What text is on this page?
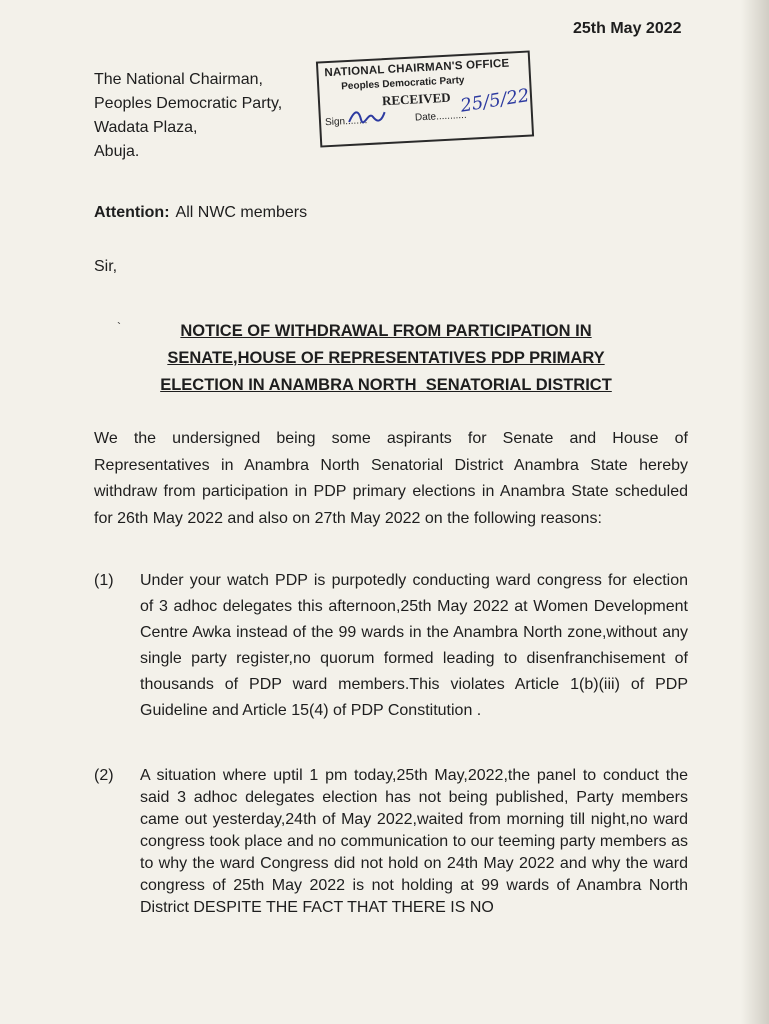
25th May 2022
The National Chairman,
Peoples Democratic Party,
Wadata Plaza,
Abuja.
NATIONAL CHAIRMAN'S OFFICE
Peoples Democratic Party
RECEIVED
Sign........	Date...........
25/5/22
Attention: All NWC members
Sir,
`	NOTICE OF WITHDRAWAL FROM PARTICIPATION IN
SENATE,HOUSE OF REPRESENTATIVES PDP PRIMARY
ELECTION IN ANAMBRA NORTH  SENATORIAL DISTRICT
We the undersigned being some aspirants for Senate and House of Representatives in Anambra North Senatorial District Anambra State hereby withdraw from participation in PDP primary elections in Anambra State scheduled for 26th May 2022 and also on 27th May 2022 on the following reasons:
(1) Under your watch PDP is purpotedly conducting ward congress for election of 3 adhoc delegates this afternoon,25th May 2022 at Women Development Centre Awka instead of the 99 wards in the Anambra North zone,without any single party register,no quorum formed leading to disenfranchisement of thousands of PDP ward members.This violates Article 1(b)(iii) of PDP Guideline and Article 15(4) of PDP Constitution .
(2) A situation where uptil 1 pm today,25th May,2022,the panel to conduct the said 3 adhoc delegates election has not being published, Party members came out yesterday,24th of May 2022,waited from morning till night,no ward congress took place and no communication to our teeming party members as to why the ward Congress did not hold on 24th May 2022 and why the ward congress of 25th May 2022 is not holding at 99 wards of Anambra North District DESPITE THE FACT THAT THERE IS NO
